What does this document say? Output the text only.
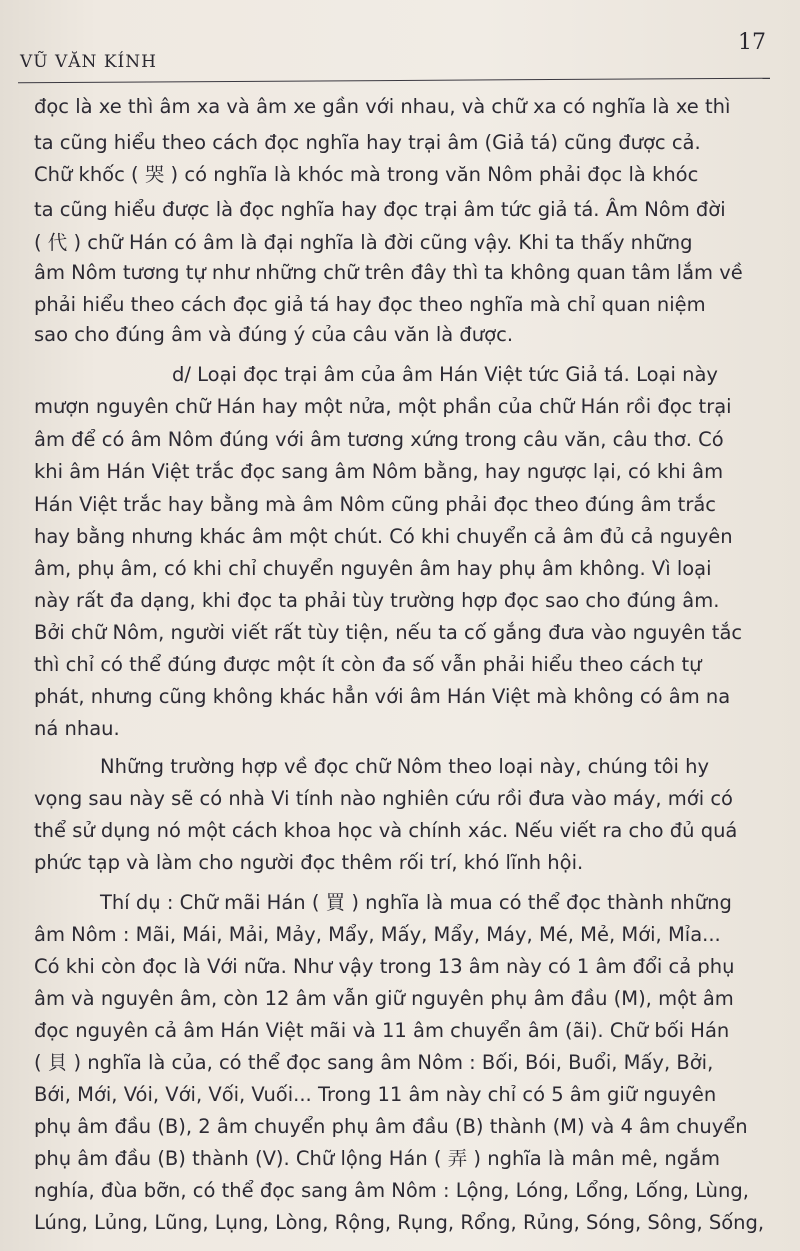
VŨ VĂN KÍNH
17

đọc là xe thì âm xa và âm xe gần với nhau, và chữ xa có nghĩa là xe thì

ta cũng hiểu theo cách đọc nghĩa hay trại âm (Giả tá) cũng được cả.

Chữ khốc ( 哭 ) có nghĩa là khóc mà trong văn Nôm phải đọc là khóc

ta cũng hiểu được là đọc nghĩa hay đọc trại âm tức giả tá. Âm Nôm đời

( 代 ) chữ Hán có âm là đại nghĩa là đời cũng vậy. Khi ta thấy những

âm Nôm tương tự như những chữ trên đây thì ta không quan tâm lắm về

phải hiểu theo cách đọc giả tá hay đọc theo nghĩa mà chỉ quan niệm

sao cho đúng âm và đúng ý của câu văn là được.

d/ Loại đọc trại âm của âm Hán Việt tức Giả tá. Loại này

mượn nguyên chữ Hán hay một nửa, một phần của chữ Hán rồi đọc trại

âm để có âm Nôm đúng với âm tương xứng trong câu văn, câu thơ. Có

khi âm Hán Việt trắc đọc sang âm Nôm bằng, hay ngược lại, có khi âm

Hán Việt trắc hay bằng mà âm Nôm cũng phải đọc theo đúng âm trắc

hay bằng nhưng khác âm một chút. Có khi chuyển cả âm đủ cả nguyên

âm, phụ âm, có khi chỉ chuyển nguyên âm hay phụ âm không. Vì loại

này rất đa dạng, khi đọc ta phải tùy trường hợp đọc sao cho đúng âm.

Bởi chữ Nôm, người viết rất tùy tiện, nếu ta cố gắng đưa vào nguyên tắc

thì chỉ có thể đúng được một ít còn đa số vẫn phải hiểu theo cách tự

phát, nhưng cũng không khác hẳn với âm Hán Việt mà không có âm na

ná nhau.

Những trường hợp về đọc chữ Nôm theo loại này, chúng tôi hy

vọng sau này sẽ có nhà Vi tính nào nghiên cứu rồi đưa vào máy, mới có

thể sử dụng nó một cách khoa học và chính xác. Nếu viết ra cho đủ quá

phức tạp và làm cho người đọc thêm rối trí, khó lĩnh hội.

Thí dụ : Chữ mãi Hán ( 買 ) nghĩa là mua có thể đọc thành những

âm Nôm : Mãi, Mái, Mải, Mảy, Mẩy, Mấy, Mẩy, Máy, Mé, Mẻ, Mới, Mỉa...

Có khi còn đọc là Với nữa. Như vậy trong 13 âm này có 1 âm đổi cả phụ

âm và nguyên âm, còn 12 âm vẫn giữ nguyên phụ âm đầu (M), một âm

đọc nguyên cả âm Hán Việt mãi và 11 âm chuyển âm (ãi). Chữ bối Hán

( 貝 ) nghĩa là của, có thể đọc sang âm Nôm : Bối, Bói, Buổi, Mấy, Bởi,

Bới, Mới, Vói, Với, Vối, Vuối... Trong 11 âm này chỉ có 5 âm giữ nguyên

phụ âm đầu (B), 2 âm chuyển phụ âm đầu (B) thành (M) và 4 âm chuyển

phụ âm đầu (B) thành (V). Chữ lộng Hán ( 弄 ) nghĩa là mân mê, ngắm

nghía, đùa bỡn, có thể đọc sang âm Nôm : Lộng, Lóng, Lổng, Lống, Lùng,

Lúng, Lủng, Lũng, Lụng, Lòng, Rộng, Rụng, Rổng, Rủng, Sóng, Sông, Sống,
